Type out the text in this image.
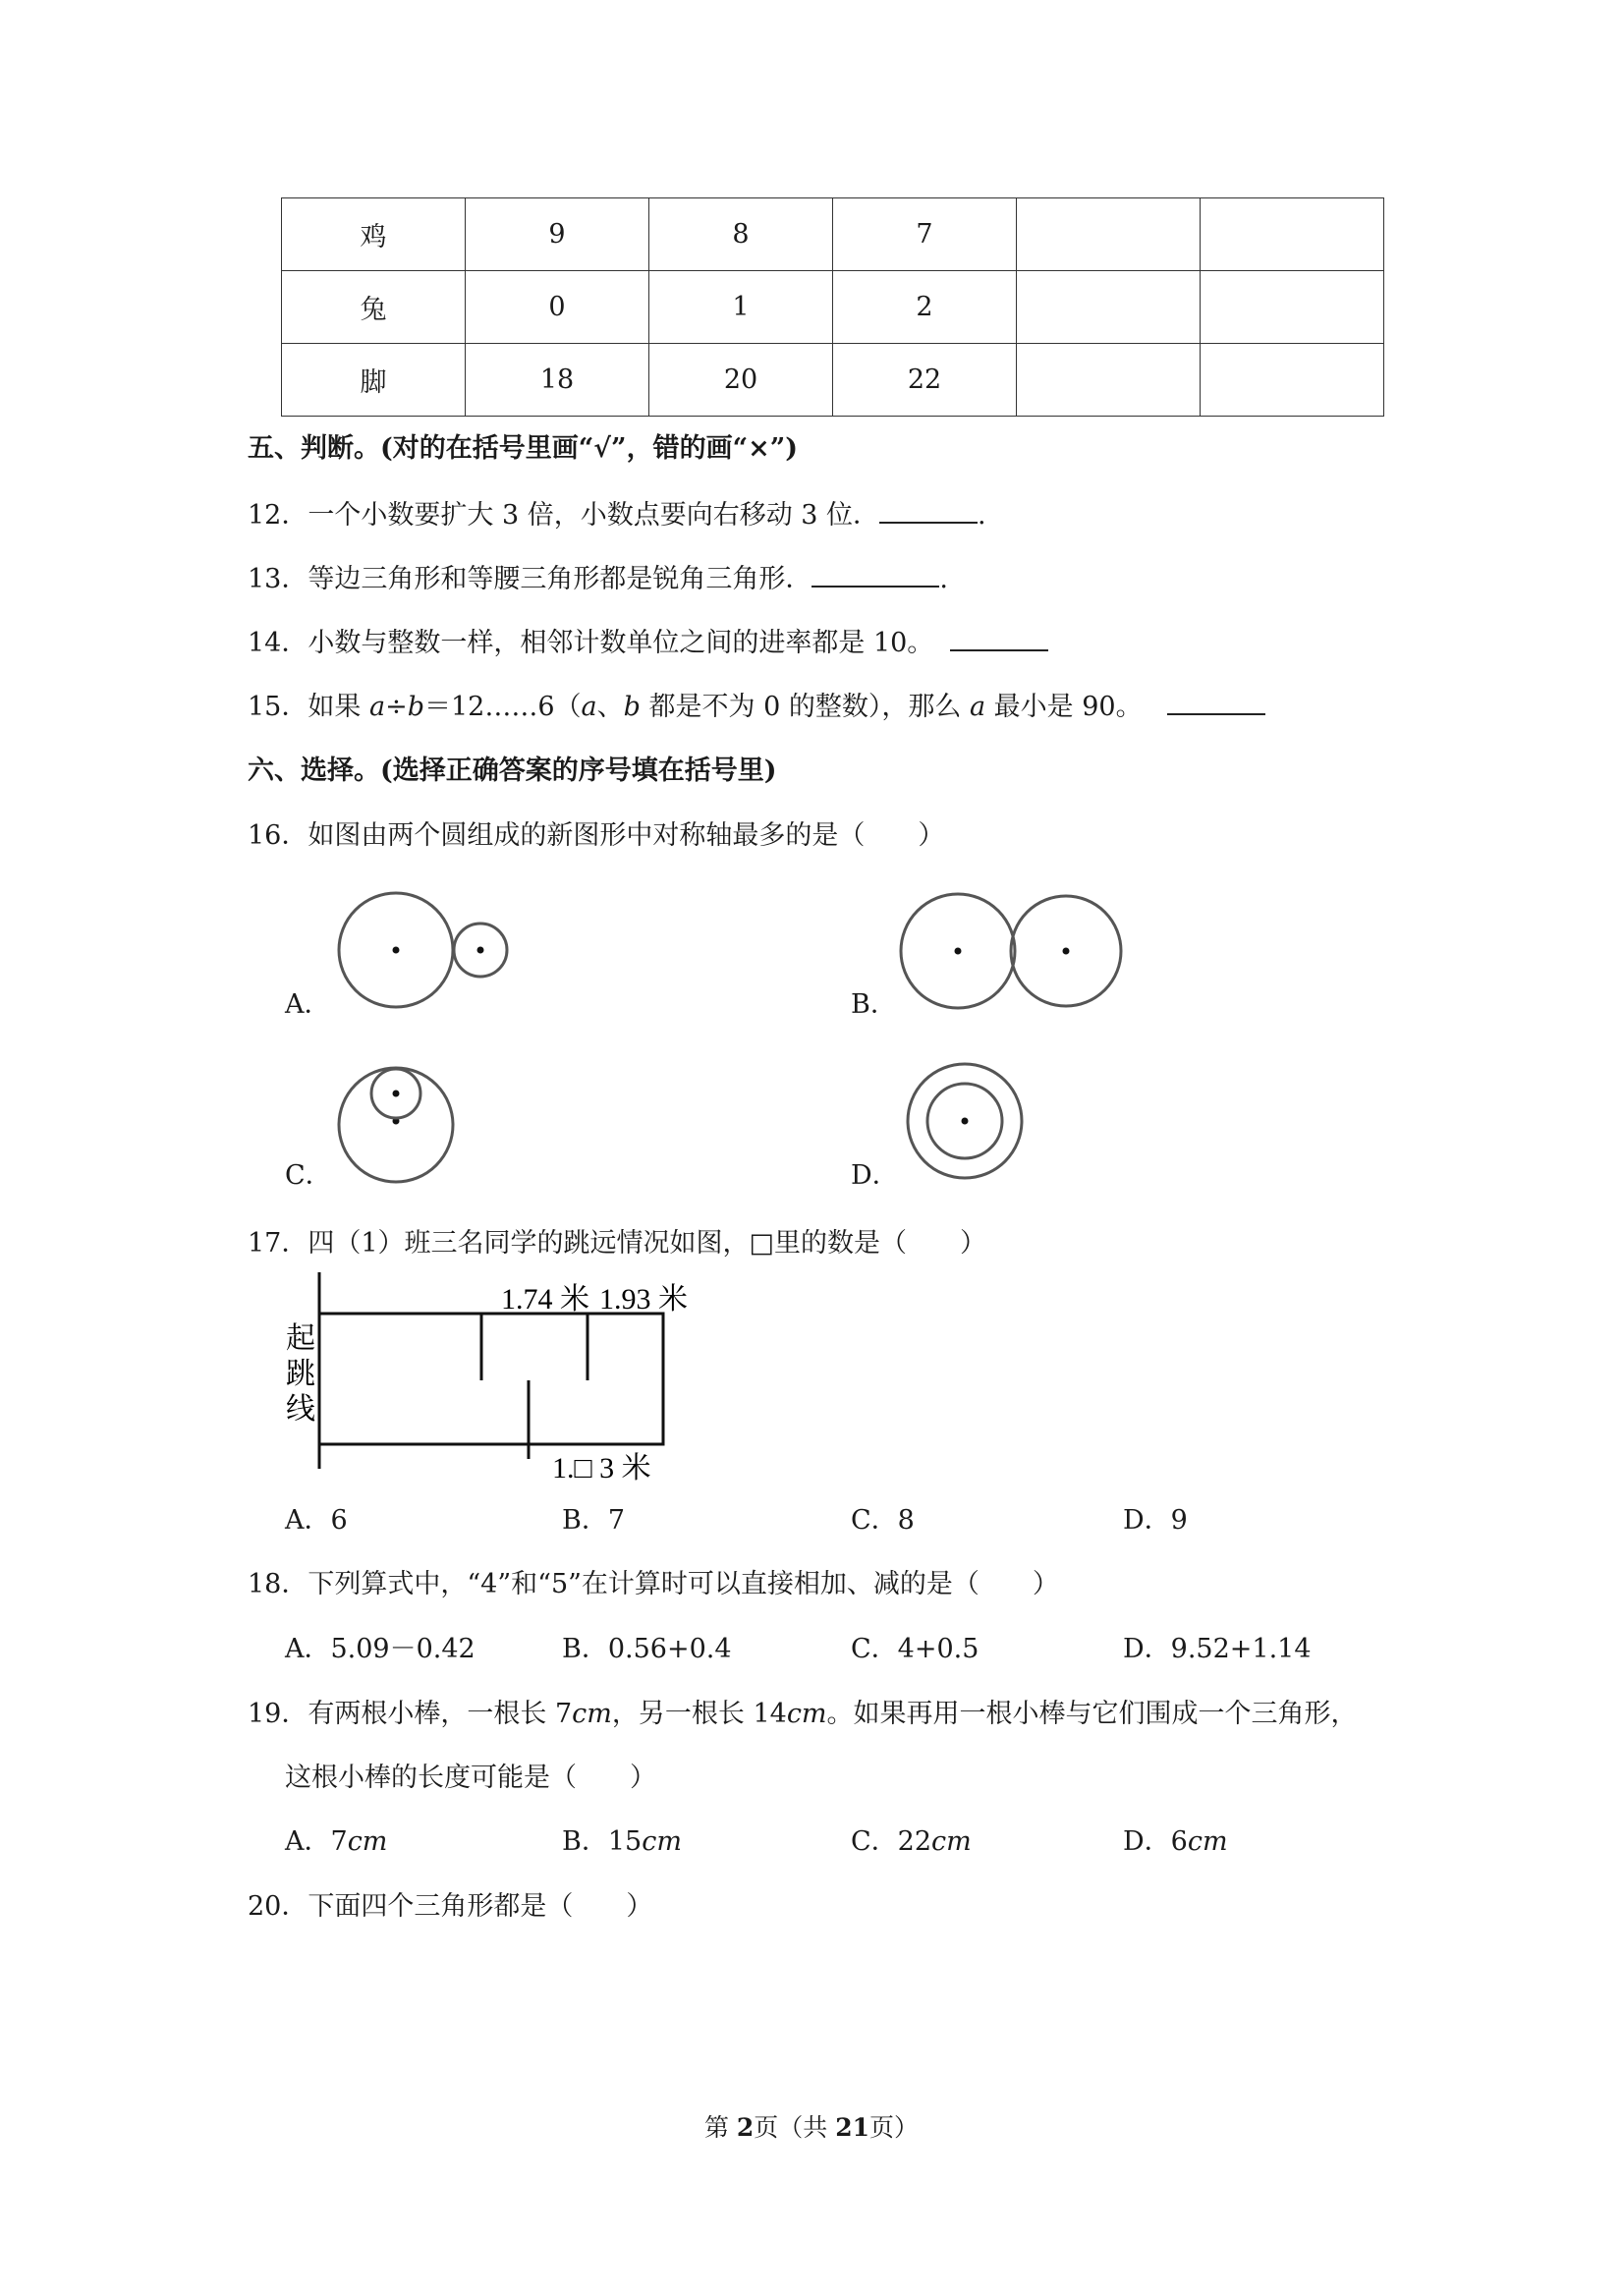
鸡	9	8	7		
兔	0	1	2		
脚	18	20	22		
五、判断。(对的在括号里画“√”，错的画“×”)
12．一个小数要扩大 3 倍，小数点要向右移动 3 位．	.
13．等边三角形和等腰三角形都是锐角三角形．	.
14．小数与整数一样，相邻计数单位之间的进率都是 10。
15．如果 a÷b＝12……6（a、b 都是不为 0 的整数），那么 a 最小是 90。
六、选择。(选择正确答案的序号填在括号里)
16．如图由两个圆组成的新图形中对称轴最多的是（　　）
A．	B．
C．	D．
17．四（1）班三名同学的跳远情况如图，□里的数是（　　）
起
跳
线
1.74 米 1.93 米
1.□ 3 米
A．6	B．7	C．8	D．9
18．下列算式中，“4”和“5”在计算时可以直接相加、减的是（　　）
A．5.09－0.42	B．0.56+0.4	C．4+0.5	D．9.52+1.14
19．有两根小棒，一根长 7cm，另一根长 14cm。如果再用一根小棒与它们围成一个三角形，
这根小棒的长度可能是（　　）
A．7cm	B．15cm	C．22cm	D．6cm
20．下面四个三角形都是（　　）
第 2页（共 21页）
